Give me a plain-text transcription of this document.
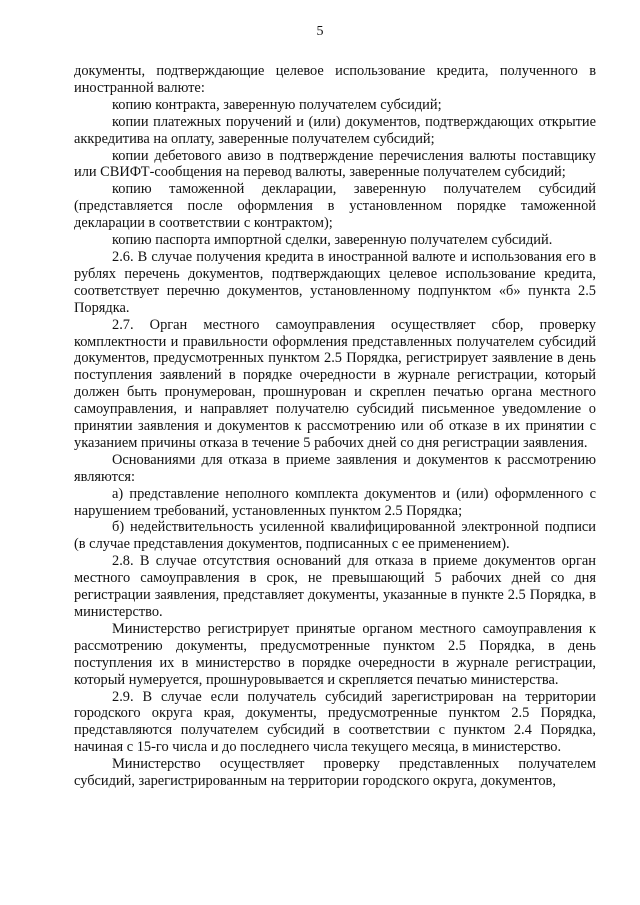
5

документы, подтверждающие целевое использование кредита, полученного в иностранной валюте:

копию контракта, заверенную получателем субсидий;

копии платежных поручений и (или) документов, подтверждающих открытие аккредитива на оплату, заверенные получателем субсидий;

копии дебетового авизо в подтверждение перечисления валюты поставщику или СВИФТ-сообщения на перевод валюты, заверенные получателем субсидий;

копию таможенной декларации, заверенную получателем субсидий (представляется после оформления в установленном порядке таможенной декларации в соответствии с контрактом);

копию паспорта импортной сделки, заверенную получателем субсидий.

2.6. В случае получения кредита в иностранной валюте и использования его в рублях перечень документов, подтверждающих целевое использование кредита, соответствует перечню документов, установленному подпунктом «б» пункта 2.5 Порядка.

2.7. Орган местного самоуправления осуществляет сбор, проверку комплектности и правильности оформления представленных получателем субсидий документов, предусмотренных пунктом 2.5 Порядка, регистрирует заявление в день поступления заявлений в порядке очередности в журнале регистрации, который должен быть пронумерован, прошнурован и скреплен печатью органа местного самоуправления, и направляет получателю субсидий письменное уведомление о принятии заявления и документов к рассмотрению или об отказе в их принятии с указанием причины отказа в течение 5 рабочих дней со дня регистрации заявления.

Основаниями для отказа в приеме заявления и документов к рассмотрению являются:

а) представление неполного комплекта документов и (или) оформленного с нарушением требований, установленных пунктом 2.5 Порядка;

б) недействительность усиленной квалифицированной электронной подписи (в случае представления документов, подписанных с ее применением).

2.8. В случае отсутствия оснований для отказа в приеме документов орган местного самоуправления в срок, не превышающий 5 рабочих дней со дня регистрации заявления, представляет документы, указанные в пункте 2.5 Порядка, в министерство.

Министерство регистрирует принятые органом местного самоуправления к рассмотрению документы, предусмотренные пунктом 2.5 Порядка, в день поступления их в министерство в порядке очередности в журнале регистрации, который нумеруется, прошнуровывается и скрепляется печатью министерства.

2.9. В случае если получатель субсидий зарегистрирован на территории городского округа края, документы, предусмотренные пунктом 2.5 Порядка, представляются получателем субсидий в соответствии с пунктом 2.4 Порядка, начиная с 15-го числа и до последнего числа текущего месяца, в министерство.

Министерство осуществляет проверку представленных получателем субсидий, зарегистрированным на территории городского округа, документов,
